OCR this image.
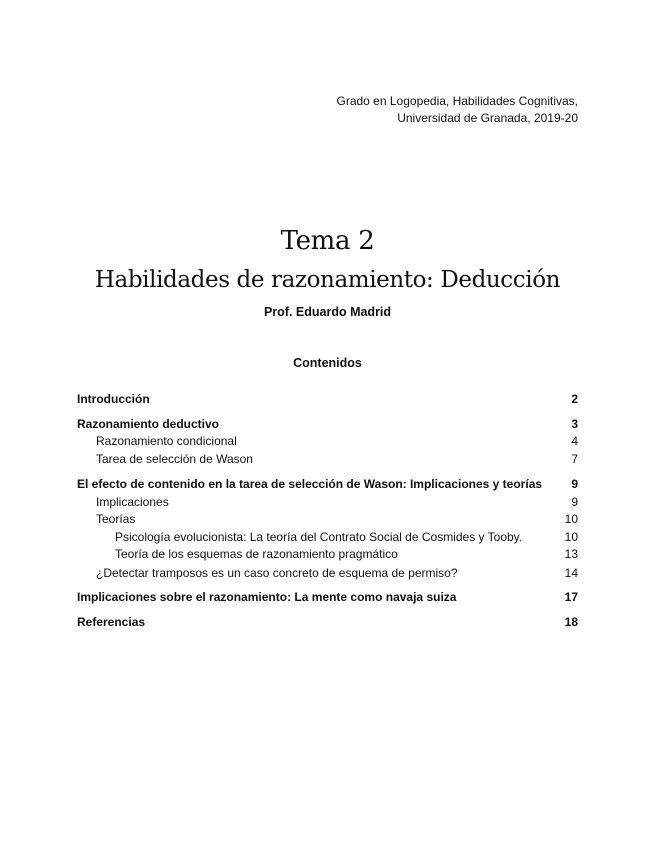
Grado en Logopedia, Habilidades Cognitivas,
Universidad de Granada, 2019-20
Tema 2
Habilidades de razonamiento: Deducción
Prof. Eduardo Madrid
Contenidos
Introducción	2
Razonamiento deductivo	3
Razonamiento condicional	4
Tarea de selección de Wason	7
El efecto de contenido en la tarea de selección de Wason: Implicaciones y teorías 9
Implicaciones	9
Teorías	10
Psicología evolucionista: La teoría del Contrato Social de Cosmides y Tooby.	10
Teoría de los esquemas de razonamiento pragmático	13
¿Detectar tramposos es un caso concreto de esquema de permiso?	14
Implicaciones sobre el razonamiento: La mente como navaja suiza	17
Referencias	18
